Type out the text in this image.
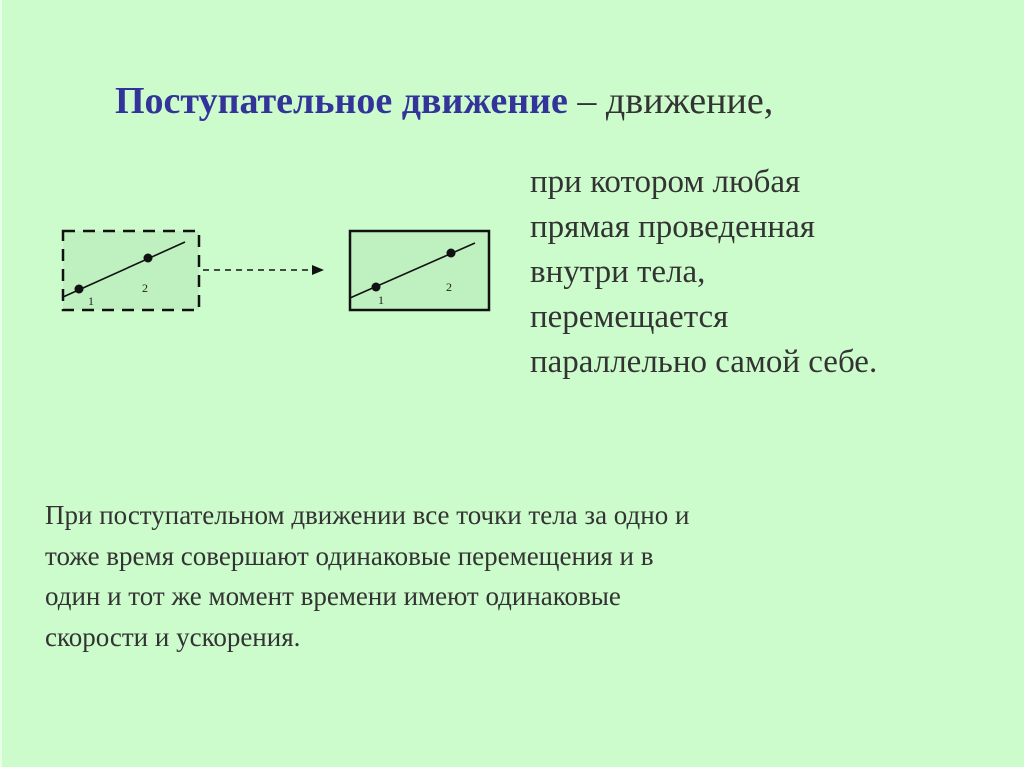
Поступательное движение – движение,
1
2
1
2
при котором любая
прямая проведенная
внутри тела,
перемещается
параллельно самой себе.
При поступательном движении все точки тела за одно и
тоже время совершают одинаковые перемещения и в
один и тот же момент времени имеют одинаковые
скорости и ускорения.
